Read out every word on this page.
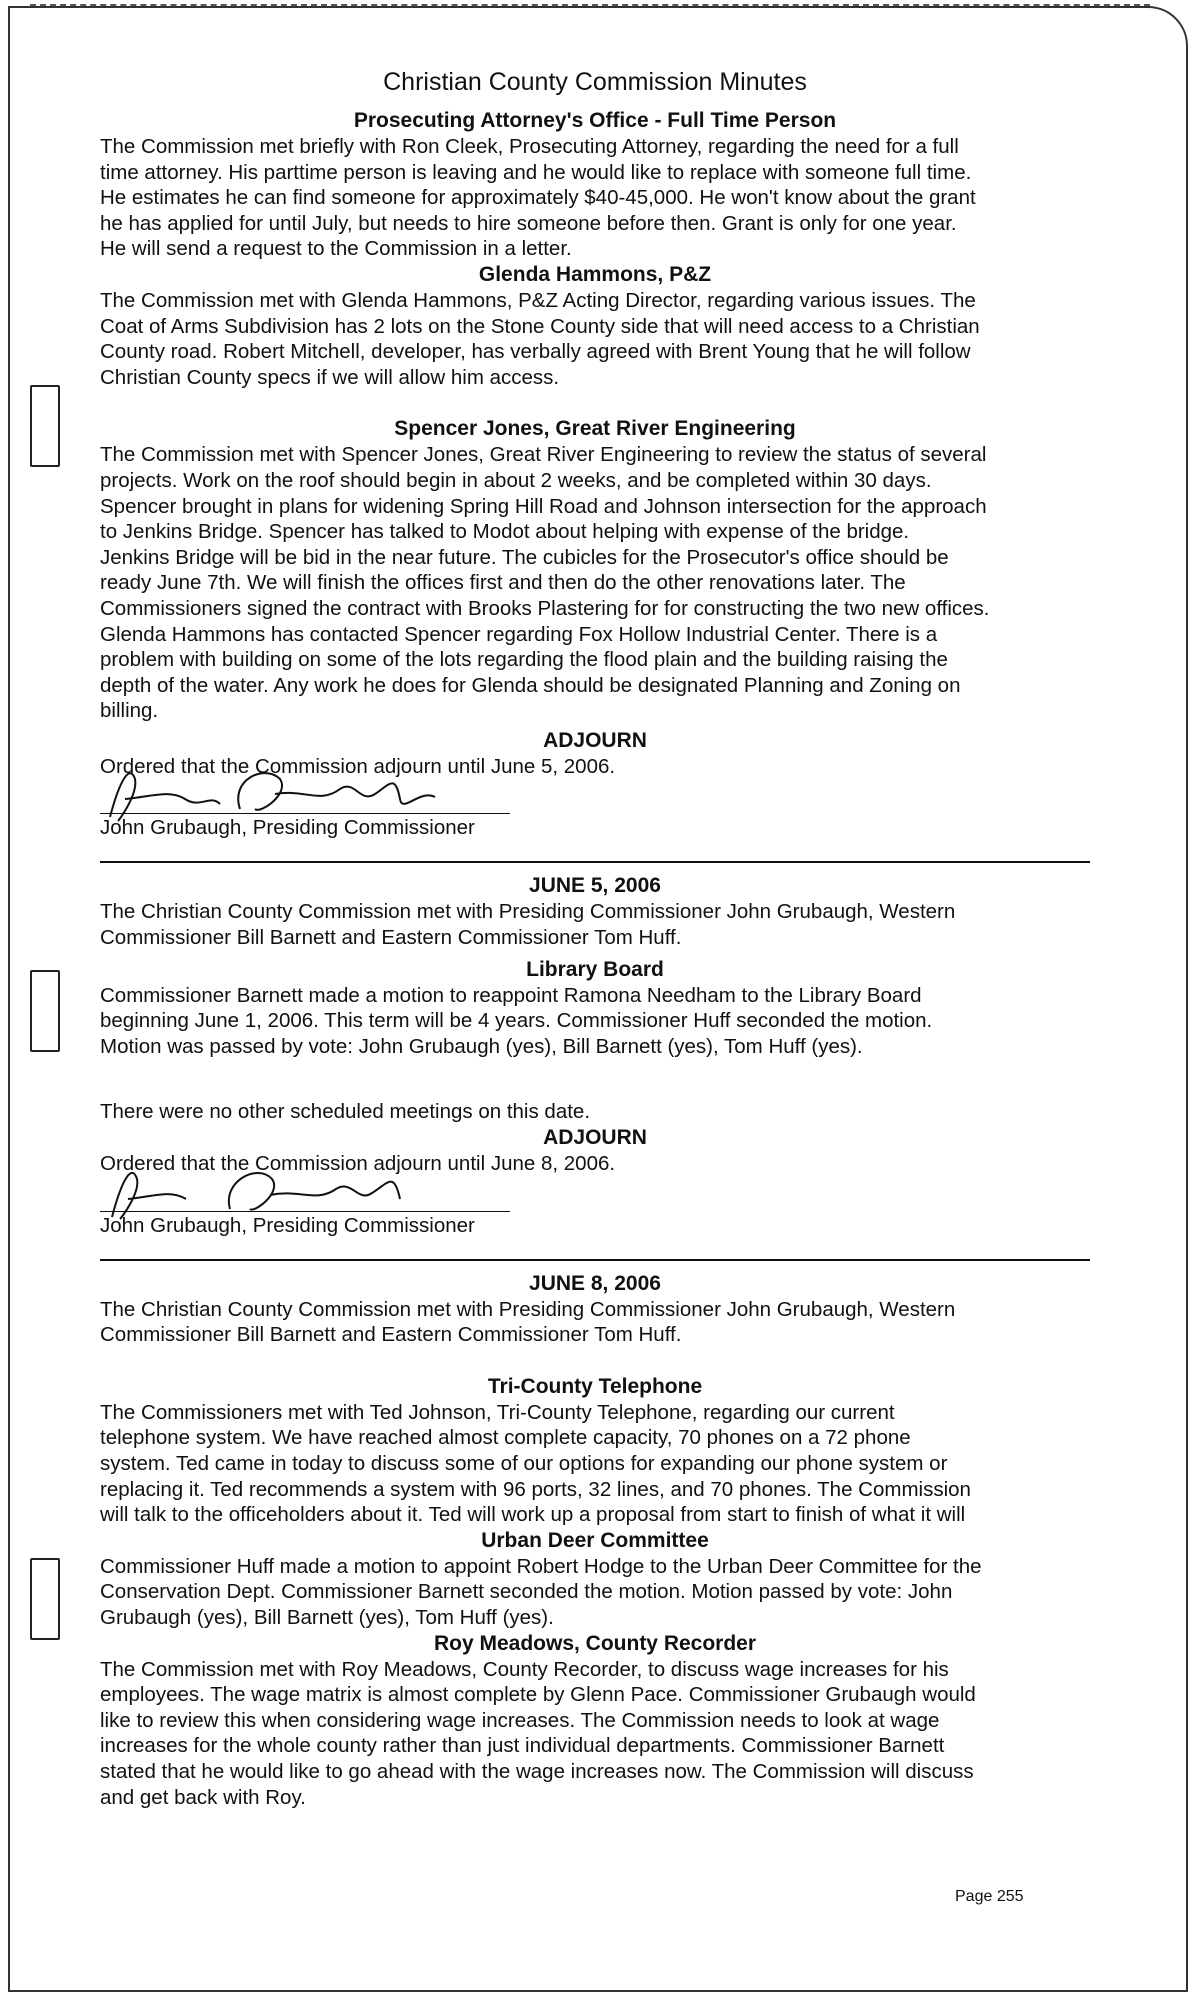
Christian County Commission Minutes
Prosecuting Attorney's Office - Full Time Person

The Commission met briefly with Ron Cleek, Prosecuting Attorney, regarding the need for a full

time attorney. His parttime person is leaving and he would like to replace with someone full time.

He estimates he can find someone for approximately $40-45,000. He won't know about the grant

he has applied for until July, but needs to hire someone before then. Grant is only for one year.

He will send a request to the Commission in a letter.

Glenda Hammons, P&Z

The Commission met with Glenda Hammons, P&Z Acting Director, regarding various issues. The

Coat of Arms Subdivision has 2 lots on the Stone County side that will need access to a Christian

County road. Robert Mitchell, developer, has verbally agreed with Brent Young that he will follow

Christian County specs if we will allow him access.

Spencer Jones, Great River Engineering

The Commission met with Spencer Jones, Great River Engineering to review the status of several

projects. Work on the roof should begin in about 2 weeks, and be completed within 30 days.

Spencer brought in plans for widening Spring Hill Road and Johnson intersection for the approach

to Jenkins Bridge. Spencer has talked to Modot about helping with expense of the bridge.

Jenkins Bridge will be bid in the near future. The cubicles for the Prosecutor's office should be

ready June 7th. We will finish the offices first and then do the other renovations later. The

Commissioners signed the contract with Brooks Plastering for for constructing the two new offices.

Glenda Hammons has contacted Spencer regarding Fox Hollow Industrial Center. There is a

problem with building on some of the lots regarding the flood plain and the building raising the

depth of the water. Any work he does for Glenda should be designated Planning and Zoning on

billing.

ADJOURN

Ordered that the Commission adjourn until June 5, 2006.

John Grubaugh, Presiding Commissioner
JUNE 5, 2006

The Christian County Commission met with Presiding Commissioner John Grubaugh, Western

Commissioner Bill Barnett and Eastern Commissioner Tom Huff.

Library Board

Commissioner Barnett made a motion to reappoint Ramona Needham to the Library Board

beginning June 1, 2006. This term will be 4 years. Commissioner Huff seconded the motion.

Motion was passed by vote: John Grubaugh (yes), Bill Barnett (yes), Tom Huff (yes).

There were no other scheduled meetings on this date.

ADJOURN

Ordered that the Commission adjourn until June 8, 2006.

John Grubaugh, Presiding Commissioner
JUNE 8, 2006

The Christian County Commission met with Presiding Commissioner John Grubaugh, Western

Commissioner Bill Barnett and Eastern Commissioner Tom Huff.

Tri-County Telephone

The Commissioners met with Ted Johnson, Tri-County Telephone, regarding our current

telephone system. We have reached almost complete capacity, 70 phones on a 72 phone

system. Ted came in today to discuss some of our options for expanding our phone system or

replacing it. Ted recommends a system with 96 ports, 32 lines, and 70 phones. The Commission

will talk to the officeholders about it. Ted will work up a proposal from start to finish of what it will

Urban Deer Committee

Commissioner Huff made a motion to appoint Robert Hodge to the Urban Deer Committee for the

Conservation Dept. Commissioner Barnett seconded the motion. Motion passed by vote: John

Grubaugh (yes), Bill Barnett (yes), Tom Huff (yes).

Roy Meadows, County Recorder

The Commission met with Roy Meadows, County Recorder, to discuss wage increases for his

employees. The wage matrix is almost complete by Glenn Pace. Commissioner Grubaugh would

like to review this when considering wage increases. The Commission needs to look at wage

increases for the whole county rather than just individual departments. Commissioner Barnett

stated that he would like to go ahead with the wage increases now. The Commission will discuss

and get back with Roy.

Page 255
